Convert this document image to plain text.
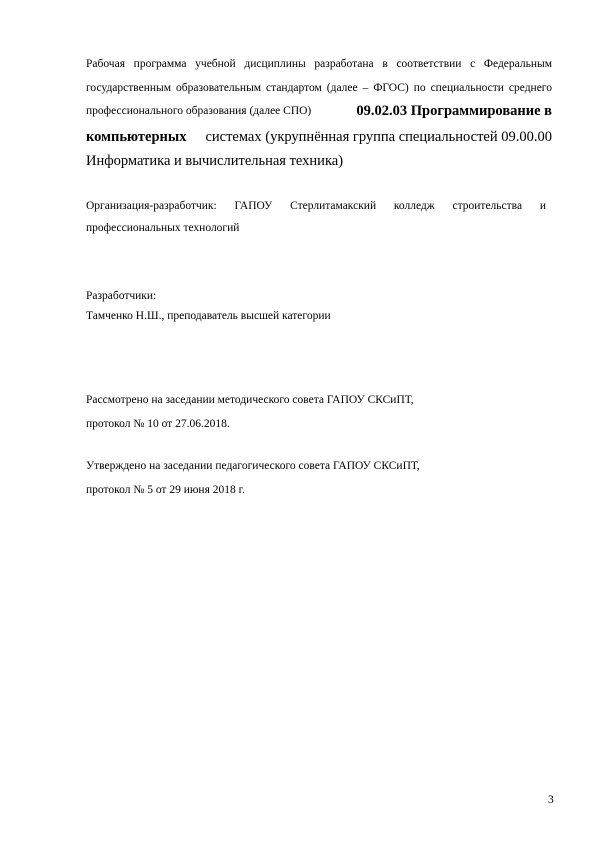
Рабочая программа учебной дисциплины разработана в соответствии с Федеральным
государственным образовательным стандартом (далее – ФГОС) по специальности среднего
профессионального образования (далее СПО)	09.02.03 Программирование в
компьютерных системах (укрупнённая группа специальностей 09.00.00
Информатика и вычислительная техника)
Организация-разработчик: ГАПОУ Стерлитамакский колледж строительства и
профессиональных технологий
Разработчики:
Тамченко Н.Ш., преподаватель высшей категории
Рассмотрено на заседании методического совета ГАПОУ СКСиПТ,
протокол № 10 от 27.06.2018.
Утверждено на заседании педагогического совета ГАПОУ СКСиПТ,
протокол № 5 от 29 июня 2018 г.
3
